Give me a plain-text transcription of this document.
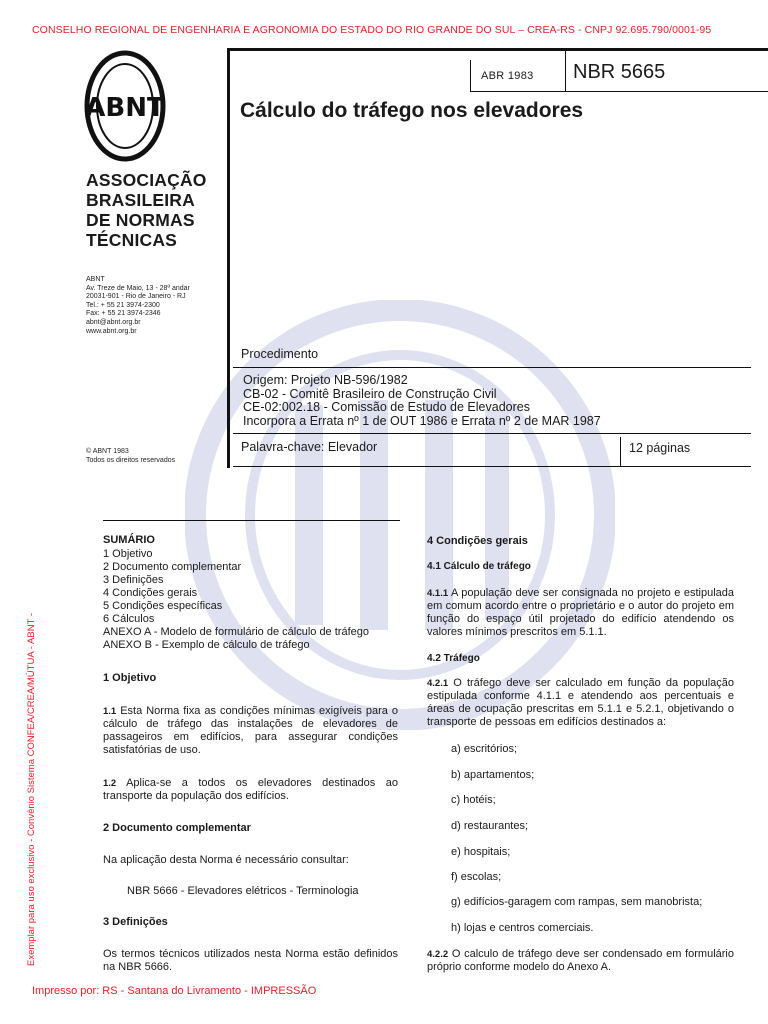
CONSELHO REGIONAL DE ENGENHARIA E AGRONOMIA DO ESTADO DO RIO GRANDE DO SUL – CREA-RS - CNPJ 92.695.790/0001-95
Exemplar para uso exclusivo - Convênio Sistema CONFEA/CREA/MÚTUA - ABNT -
Impresso por: RS - Santana do Livramento - IMPRESSÃO
ABNT
ASSOCIAÇÃO
BRASILEIRA
DE NORMAS
TÉCNICAS
ABNT
Av. Treze de Maio, 13 - 28º andar
20031-901 - Rio de Janeiro - RJ
Tel.: + 55 21 3974-2300
Fax: + 55 21 3974-2346
abnt@abnt.org.br
www.abnt.org.br
© ABNT 1983
Todos os direitos reservados
ABR 1983 NBR 5665
Cálculo do tráfego nos elevadores
Procedimento
Origem: Projeto NB-596/1982
CB-02 - Comitê Brasileiro de Construção Civil
CE-02:002.18 - Comissão de Estudo de Elevadores
Incorpora a Errata nº 1 de OUT 1986 e Errata nº 2 de MAR 1987
Palavra-chave: Elevador	12 páginas
SUMÁRIO
1 Objetivo
2 Documento complementar
3 Definições
4 Condições gerais
5 Condições específicas
6 Cálculos
ANEXO A - Modelo de formulário de cálculo de tráfego
ANEXO B - Exemplo de cálculo de tráfego
1 Objetivo
1.1 Esta Norma fixa as condições mínimas exigíveis para o cálculo de tráfego das instalações de elevadores de passageiros em edifícios, para assegurar condições satisfatórias de uso.
1.2 Aplica-se a todos os elevadores destinados ao transporte da população dos edifícios.
2 Documento complementar
Na aplicação desta Norma é necessário consultar:
NBR 5666 - Elevadores elétricos - Terminologia
3 Definições
Os termos técnicos utilizados nesta Norma estão definidos na NBR 5666.
4 Condições gerais
4.1 Cálculo de tráfego
4.1.1 A população deve ser consignada no projeto e estipulada em comum acordo entre o proprietário e o autor do projeto em função do espaço útil projetado do edifício atendendo os valores mínimos prescritos em 5.1.1.
4.2 Tráfego
4.2.1 O tráfego deve ser calculado em função da população estipulada conforme 4.1.1 e atendendo aos percentuais e áreas de ocupação prescritas em 5.1.1 e 5.2.1, objetivando o transporte de pessoas em edifícios destinados a:
a) escritórios;
b) apartamentos;
c) hotéis;
d) restaurantes;
e) hospitais;
f) escolas;
g) edifícios-garagem com rampas, sem manobrista;
h) lojas e centros comerciais.
4.2.2 O calculo de tráfego deve ser condensado em formulário próprio conforme modelo do Anexo A.
